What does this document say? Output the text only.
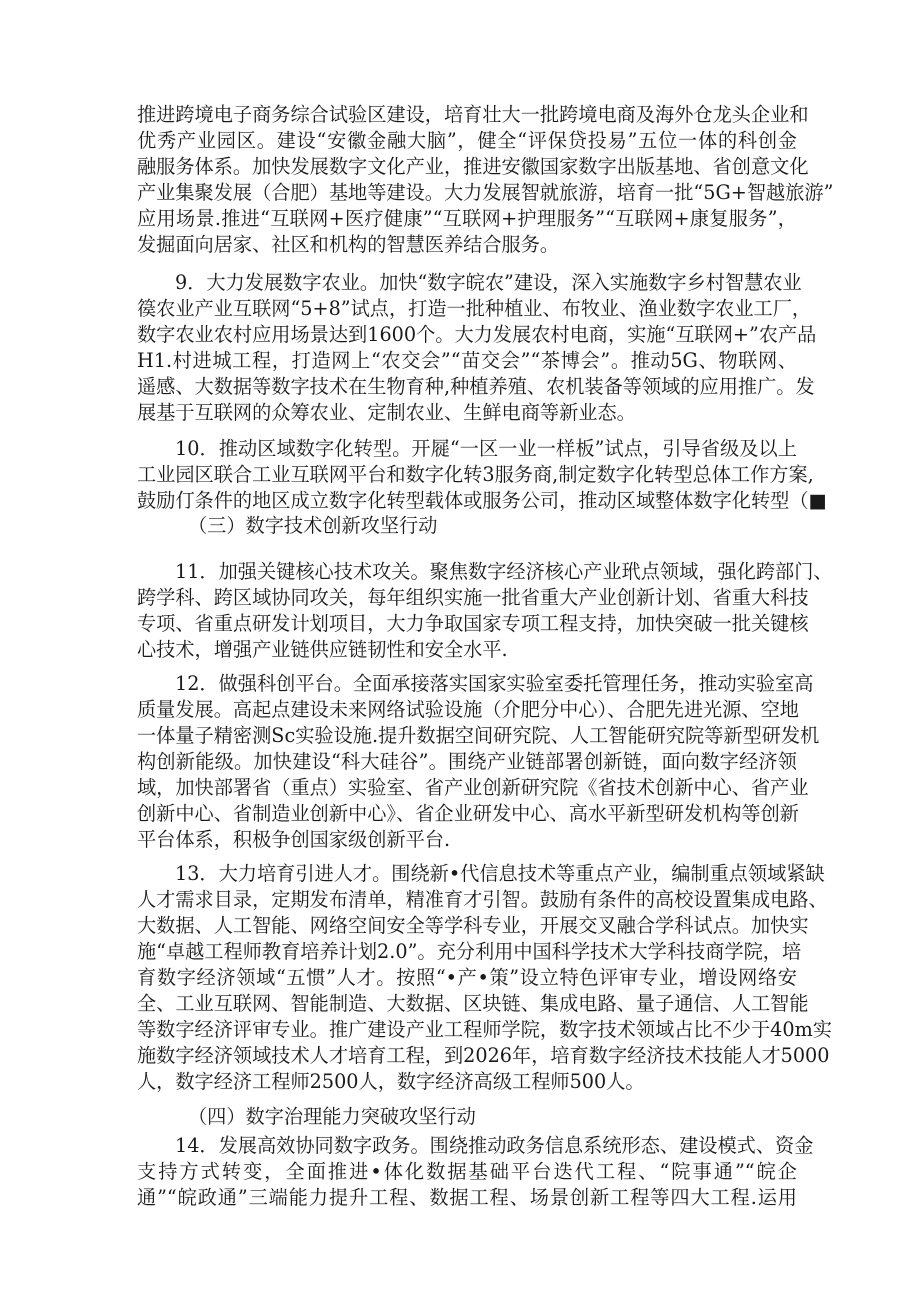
推进跨境电子商务综合试验区建设，培育壮大一批跨境电商及海外仓龙头企业和
优秀产业园区。建设“安徽金融大脑”，健全“评保贷投易”五位一体的科创金
融服务体系。加快发展数字文化产业，推进安徽国家数字出版基地、省创意文化
产业集聚发展（合肥）基地等建设。大力发展智就旅游，培育一批“5G+智越旅游”
应用场景.推进“互联网+医疗健康”“互联网+护理服务”“互联网+康复服务”，
发掘面向居家、社区和机构的智慧医养结合服务。

9．大力发展数字农业。加快“数字皖农”建设，深入实施数字乡村智慧农业
篌农业产业互联网“5+8”试点，打造一批种植业、布牧业、渔业数字农业工厂，
数字农业农村应用场景达到1600个。大力发展农村电商，实施“互联网+”农产品
H1.村进城工程，打造网上“农交会”“苗交会”“茶博会”。推动5G、物联网、
遥感、大数据等数字技术在生物育种,种植养殖、农机装备等领域的应用推广。发
展基于互联网的众筹农业、定制农业、生鲜电商等新业态。

10．推动区域数字化转型。开屣“一区一业一样板”试点，引导省级及以上
工业园区联合工业互联网平台和数字化转3服务商,制定数字化转型总体工作方案,
鼓励仃条件的地区成立数字化转型载体或服务公司，推动区域整体数字化转型（■

（三）数字技术创新攻坚行动

11．加强关键核心技术攻关。聚焦数字经济核心产业玳点领域，强化跨部门、
跨学科、跨区域协同攻关，每年组织实施一批省重大产业创新计划、省重大科技
专项、省重点研发计划项目，大力争取国家专项工程支持，加快突破一批关键核
心技术，增强产业链供应链韧性和安全水平.

12．做强科创平台。全面承接落实国家实验室委托管理任务，推动实验室高
质量发展。高起点建设未来网络试验设施（介肥分中心）、合肥先进光源、空地
一体量子精密测Sc实验设施.提升数据空间研究院、人工智能研究院等新型研发机
构创新能级。加快建设“科大硅谷”。围绕产业链部署创新链，面向数字经济领
域，加快部署省（重点）实验室、省产业创新研究院《省技术创新中心、省产业
创新中心、省制造业创新中心》、省企业研发中心、高水平新型研发机构等创新
平台体系，积极争创国家级创新平台.

13．大力培育引进人才。围绕新•代信息技术等重点产业，编制重点领域紧缺
人才需求目录，定期发布清单，精准育才引智。鼓励有条件的高校设置集成电路、
大数据、人工智能、网络空间安全等学科专业，开展交叉融合学科试点。加快实
施“卓越工程师教育培养计划2.0”。充分利用中国科学技术大学科技商学院，培
育数字经济领域“五惯”人才。按照“•产•策”设立特色评审专业，增设网络安
全、工业互联网、智能制造、大数据、区块链、集成电路、量子通信、人工智能
等数字经济评审专业。推广建设产业工程师学院，数字技术领域占比不少于40m实
施数字经济领域技术人才培育工程，到2026年，培育数字经济技术技能人才5000
人，数字经济工程师2500人，数字经济高级工程师500人。

（四）数字治理能力突破攻坚行动

14．发展高效协同数字政务。围绕推动政务信息系统形态、建设模式、资金
支持方式转变，全面推进•体化数据基础平台迭代工程、“院事通”“皖企
通”“皖政通”三端能力提升工程、数据工程、场景创新工程等四大工程.运用
